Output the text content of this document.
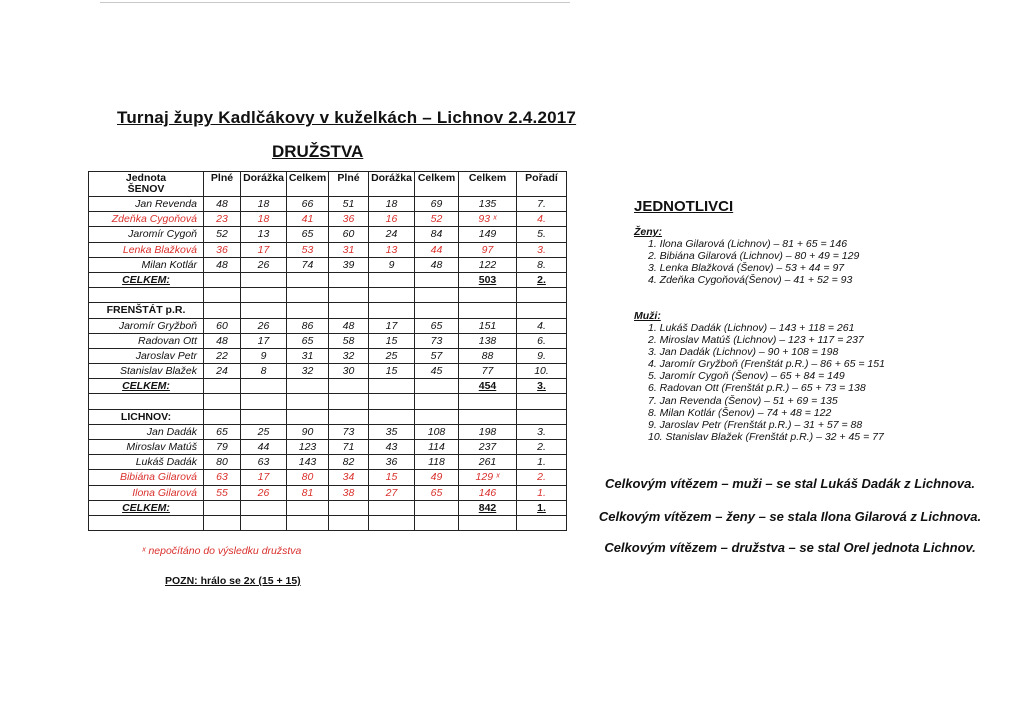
Turnaj župy Kadlčákovy v kuželkách – Lichnov 2.4.2017
DRUŽSTVA
Jednota
ŠENOV	Plné	Dorážka	Celkem	Plné	Dorážka	Celkem	Celkem	Pořadí
Jan Revenda	48	18	66	51	18	69	135	7.
Zdeňka Cygoňová	23	18	41	36	16	52	93 ˣ	4.
Jaromír Cygoň	52	13	65	60	24	84	149	5.
Lenka Blažková	36	17	53	31	13	44	97	3.
Milan Kotlár	48	26	74	39	9	48	122	8.
CELKEM:							503	2.

FRENŠTÁT p.R.								
Jaromír Gryžboň	60	26	86	48	17	65	151	4.
Radovan Ott	48	17	65	58	15	73	138	6.
Jaroslav Petr	22	9	31	32	25	57	88	9.
Stanislav Blažek	24	8	32	30	15	45	77	10.
CELKEM:							454	3.

LICHNOV:								
Jan Dadák	65	25	90	73	35	108	198	3.
Miroslav Matúš	79	44	123	71	43	114	237	2.
Lukáš Dadák	80	63	143	82	36	118	261	1.
Bibiána Gilarová	63	17	80	34	15	49	129 ˣ	2.
Ilona Gilarová	55	26	81	38	27	65	146	1.
CELKEM:							842	1.

ˣ nepočítáno do výsledku družstva
POZN: hrálo se 2x (15 + 15)
JEDNOTLIVCI
Ženy:
1. Ilona Gilarová (Lichnov) – 81 + 65 = 146
2. Bibiána Gilarová (Lichnov) – 80 + 49 = 129
3. Lenka Blažková (Šenov) – 53 + 44 = 97
4. Zdeňka Cygoňová(Šenov) – 41 + 52 = 93
Muži:
1. Lukáš Dadák (Lichnov) – 143 + 118 = 261
2. Miroslav Matúš (Lichnov) – 123 + 117 = 237
3. Jan Dadák (Lichnov) – 90 + 108 = 198
4. Jaromír Gryžboň (Frenštát p.R.) – 86 + 65 = 151
5. Jaromír Cygoň (Šenov) – 65 + 84 = 149
6. Radovan Ott (Frenštát p.R.) – 65 + 73 = 138
7. Jan Revenda (Šenov) – 51 + 69 = 135
8. Milan Kotlár (Šenov) – 74 + 48 = 122
9. Jaroslav Petr (Frenštát p.R.) – 31 + 57 = 88
10. Stanislav Blažek (Frenštát p.R.) – 32 + 45 = 77
Celkovým vítězem – muži – se stal Lukáš Dadák z Lichnova.
Celkovým vítězem – ženy – se stala Ilona Gilarová z Lichnova.
Celkovým vítězem – družstva – se stal Orel jednota Lichnov.
